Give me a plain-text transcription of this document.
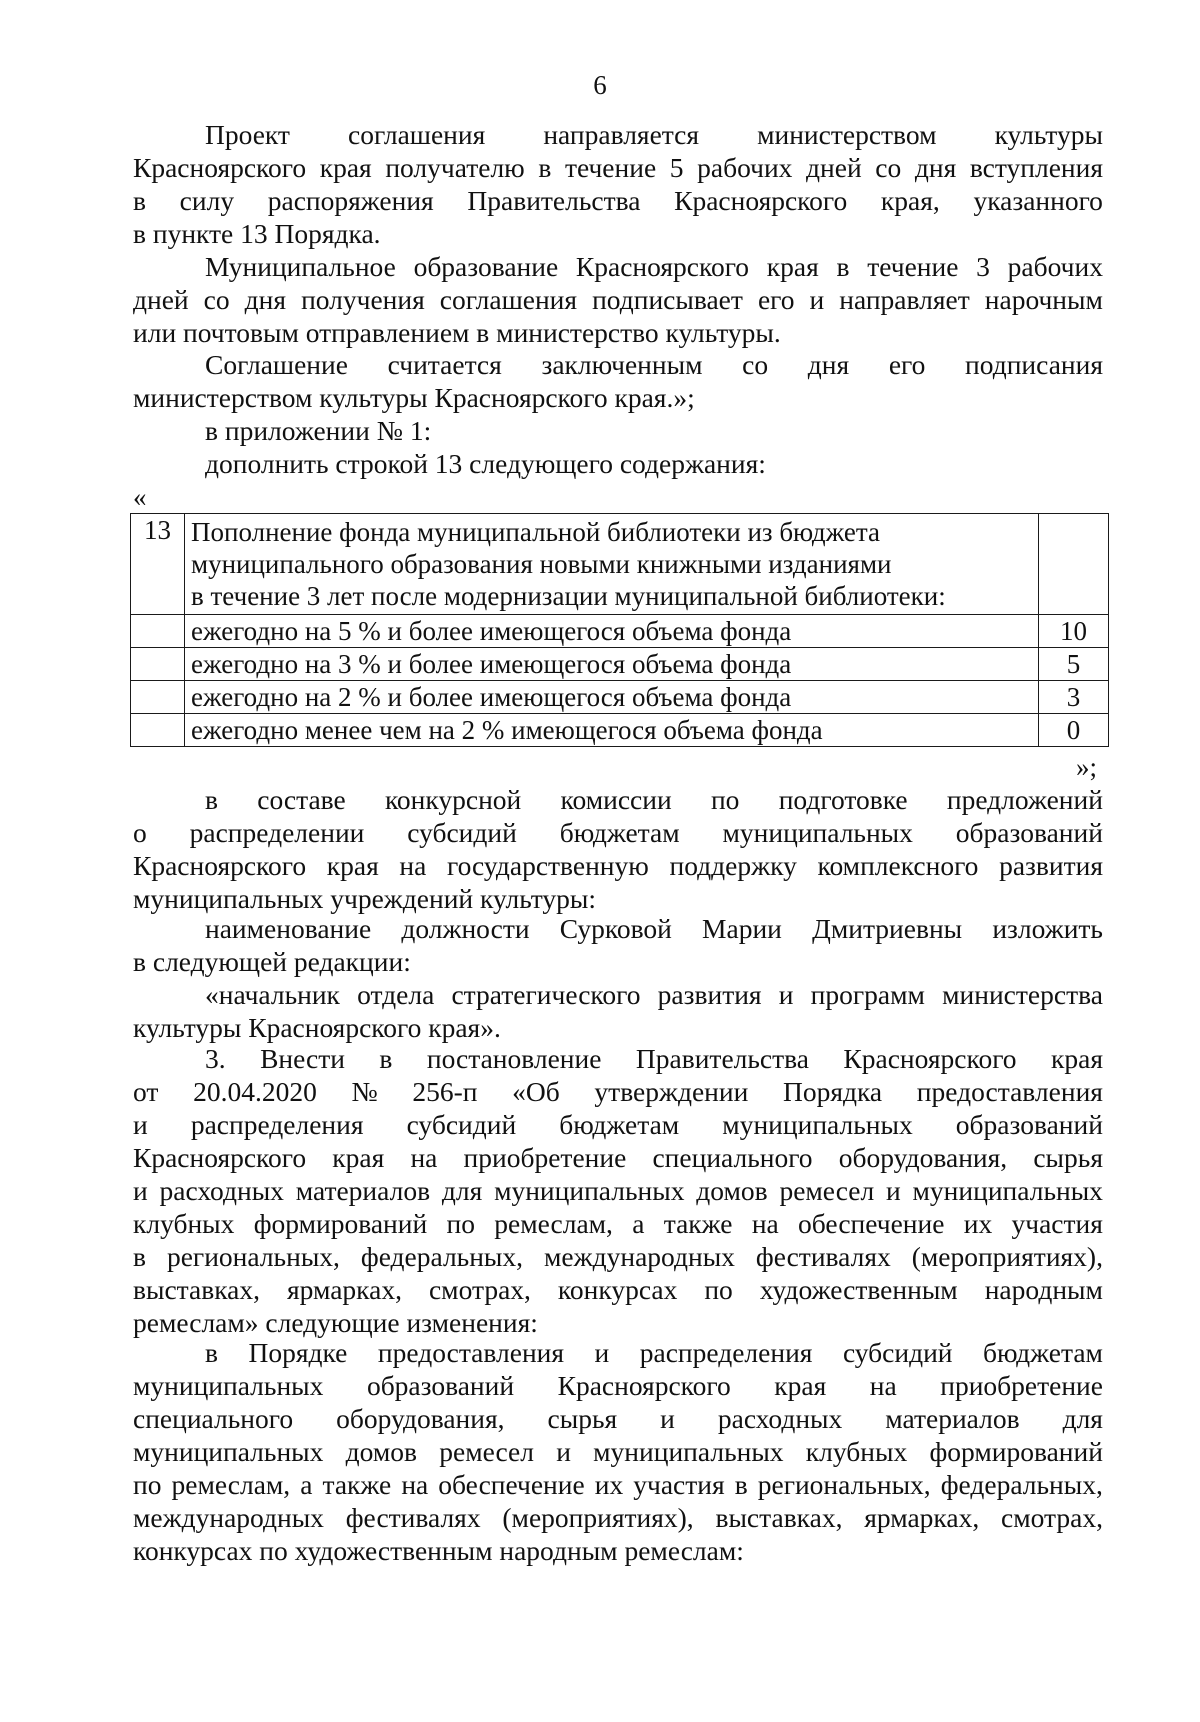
6
Проект соглашения направляется министерством культуры
Красноярского края получателю в течение 5 рабочих дней со дня вступления
в силу распоряжения Правительства Красноярского края, указанного
в пункте 13 Порядка.
Муниципальное образование Красноярского края в течение 3 рабочих
дней со дня получения соглашения подписывает его и направляет нарочным
или почтовым отправлением в министерство культуры.
Соглашение считается заключенным со дня его подписания
министерством культуры Красноярского края.»;
в приложении № 1:
дополнить строкой 13 следующего содержания:
«
13	Пополнение фонда муниципальной библиотеки из бюджета
муниципального образования новыми книжными изданиями
в течение 3 лет после модернизации муниципальной библиотеки:	

	ежегодно на 5 % и более имеющегося объема фонда	10
	ежегодно на 3 % и более имеющегося объема фонда	5
	ежегодно на 2 % и более имеющегося объема фонда	3
	ежегодно менее чем на 2 % имеющегося объема фонда	0
»;
в составе конкурсной комиссии по подготовке предложений
о распределении субсидий бюджетам муниципальных образований
Красноярского края на государственную поддержку комплексного развития
муниципальных учреждений культуры:
наименование должности Сурковой Марии Дмитриевны изложить
в следующей редакции:
«начальник отдела стратегического развития и программ министерства
культуры Красноярского края».
3. Внести в постановление Правительства Красноярского края
от 20.04.2020 № 256-п «Об утверждении Порядка предоставления
и распределения субсидий бюджетам муниципальных образований
Красноярского края на приобретение специального оборудования, сырья
и расходных материалов для муниципальных домов ремесел и муниципальных
клубных формирований по ремеслам, а также на обеспечение их участия
в региональных, федеральных, международных фестивалях (мероприятиях),
выставках, ярмарках, смотрах, конкурсах по художественным народным
ремеслам» следующие изменения:
в Порядке предоставления и распределения субсидий бюджетам
муниципальных образований Красноярского края на приобретение
специального оборудования, сырья и расходных материалов для
муниципальных домов ремесел и муниципальных клубных формирований
по ремеслам, а также на обеспечение их участия в региональных, федеральных,
международных фестивалях (мероприятиях), выставках, ярмарках, смотрах,
конкурсах по художественным народным ремеслам:
